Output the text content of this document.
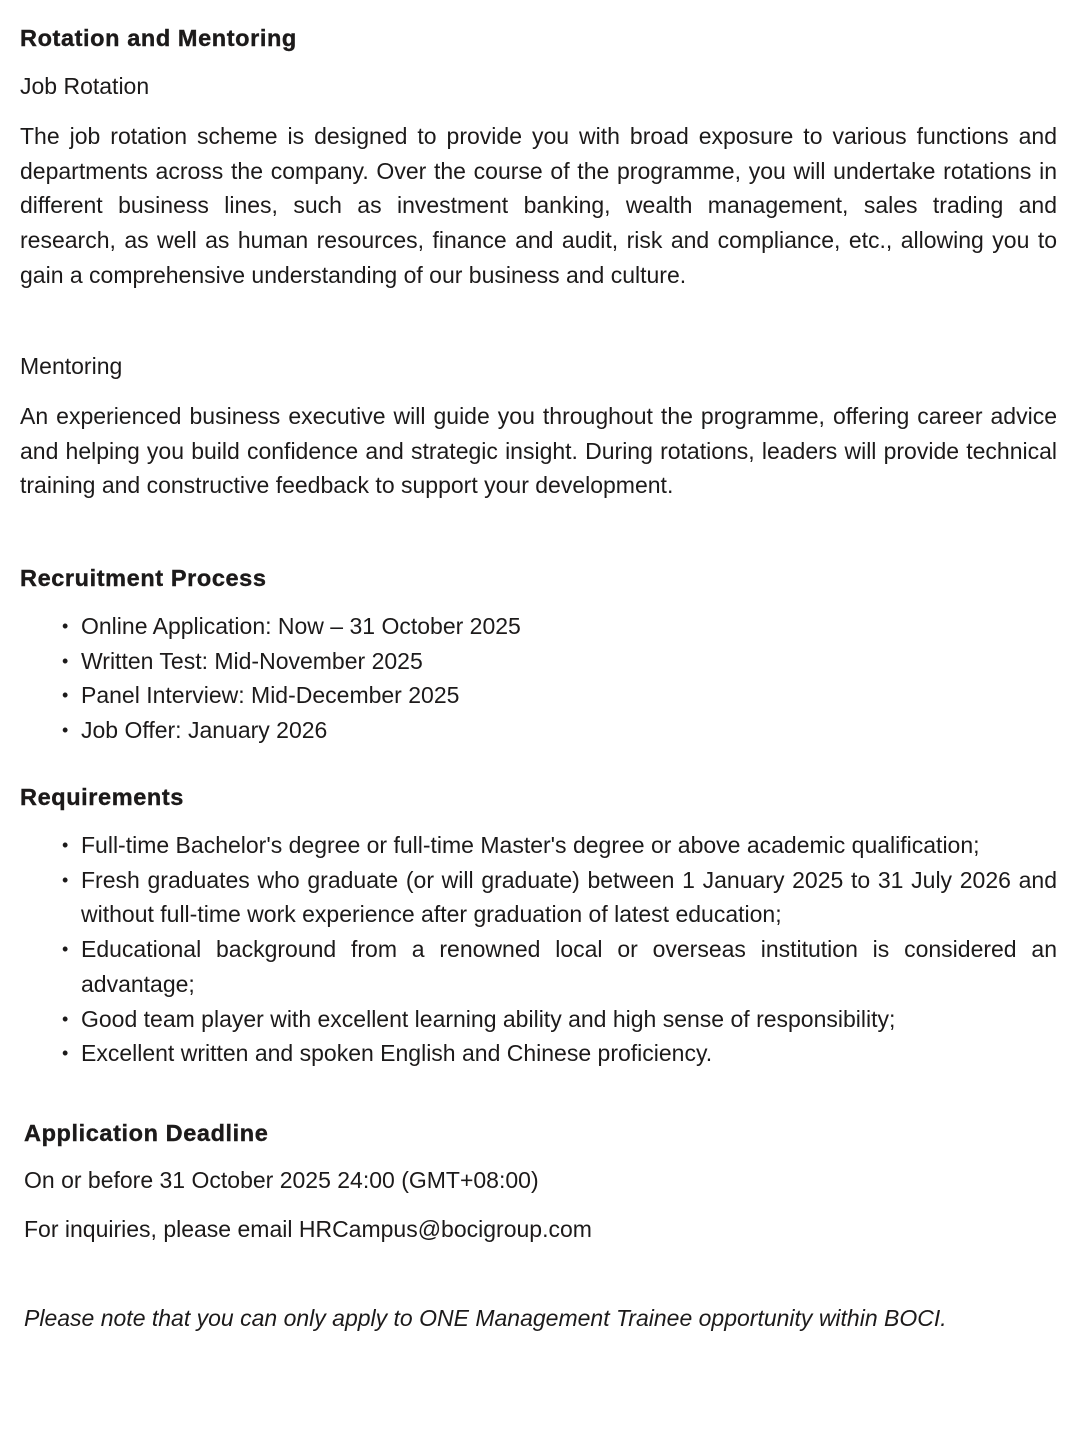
Rotation and Mentoring
Job Rotation
The job rotation scheme is designed to provide you with broad exposure to various functions and departments across the company. Over the course of the programme, you will undertake rotations in different business lines, such as investment banking, wealth management, sales trading and research, as well as human resources, finance and audit, risk and compliance, etc., allowing you to gain a comprehensive understanding of our business and culture.
Mentoring
An experienced business executive will guide you throughout the programme, offering career advice and helping you build confidence and strategic insight. During rotations, leaders will provide technical training and constructive feedback to support your development.
Recruitment Process
• Online Application: Now – 31 October 2025
• Written Test: Mid-November 2025
• Panel Interview: Mid-December 2025
• Job Offer: January 2026
Requirements
• Full-time Bachelor's degree or full-time Master's degree or above academic qualification;
• Fresh graduates who graduate (or will graduate) between 1 January 2025 to 31 July 2026 and without full-time work experience after graduation of latest education;
• Educational background from a renowned local or overseas institution is considered an advantage;
• Good team player with excellent learning ability and high sense of responsibility;
• Excellent written and spoken English and Chinese proficiency.
Application Deadline
On or before 31 October 2025 24:00 (GMT+08:00)
For inquiries, please email HRCampus@bocigroup.com
Please note that you can only apply to ONE Management Trainee opportunity within BOCI.
